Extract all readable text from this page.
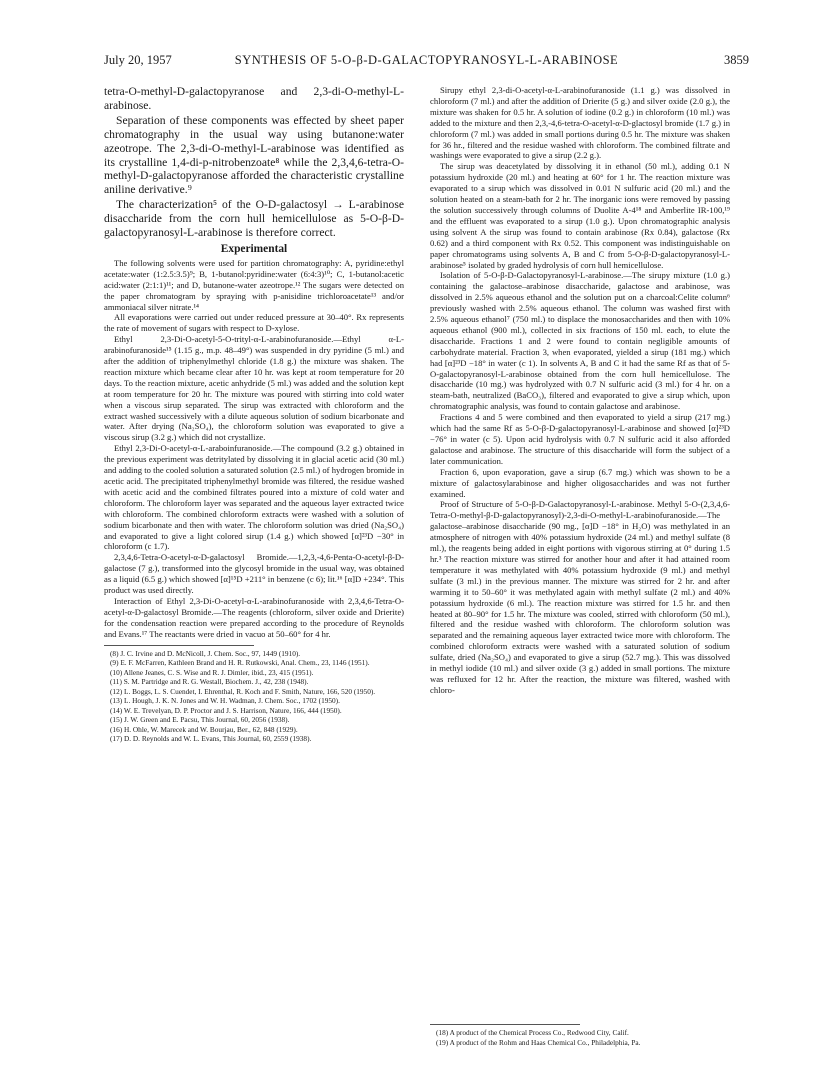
July 20, 1957	SYNTHESIS OF 5-O-β-D-GALACTOPYRANOSYL-L-ARABINOSE	3859

tetra-O-methyl-D-galactopyranose and 2,3-di-O-methyl-L-arabinose.

Separation of these components was effected by sheet paper chromatography in the usual way using butanone:water azeotrope. The 2,3-di-O-methyl-L-arabinose was identified as its crystalline 1,4-di-p-nitrobenzoate⁸ while the 2,3,4,6-tetra-O-methyl-D-galactopyranose afforded the characteristic crystalline aniline derivative.⁹

The characterization⁵ of the O-D-galactosyl → L-arabinose disaccharide from the corn hull hemicellulose as 5-O-β-D-galactopyranosyl-L-arabinose is therefore correct.

Experimental

The following solvents were used for partition chromatography: A, pyridine:ethyl acetate:water (1:2.5:3.5)⁹; B, 1-butanol:pyridine:water (6:4:3)¹⁰; C, 1-butanol:acetic acid:water (2:1:1)¹¹; and D, butanone-water azeotrope.¹² The sugars were detected on the paper chromatogram by spraying with p-anisidine trichloroacetate¹³ and/or ammoniacal silver nitrate.¹⁴

All evaporations were carried out under reduced pressure at 30–40°. Rx represents the rate of movement of sugars with respect to D-xylose.

Ethyl 2,3-Di-O-acetyl-5-O-trityl-α-L-arabinofuranoside.—Ethyl α-L-arabinofuranoside¹⁵ (1.15 g., m.p. 48–49°) was suspended in dry pyridine (5 ml.) and after the addition of triphenylmethyl chloride (1.8 g.) the mixture was shaken. The reaction mixture which became clear after 10 hr. was kept at room temperature for 20 days. To the reaction mixture, acetic anhydride (5 ml.) was added and the solution kept at room temperature for 20 hr. The mixture was poured with stirring into cold water when a viscous sirup separated. The sirup was extracted with chloroform and the extract washed successively with a dilute aqueous solution of sodium bicarbonate and water. After drying (Na₂SO₄), the chloroform solution was evaporated to give a viscous sirup (3.2 g.) which did not crystallize.

Ethyl 2,3-Di-O-acetyl-α-L-araboinfuranoside.—The compound (3.2 g.) obtained in the previous experiment was detritylated by dissolving it in glacial acetic acid (30 ml.) and adding to the cooled solution a saturated solution (2.5 ml.) of hydrogen bromide in acetic acid. The precipitated triphenylmethyl bromide was filtered, the residue washed with acetic acid and the combined filtrates poured into a mixture of cold water and chloroform. The chloroform layer was separated and the aqueous layer extracted twice with chloroform. The combined chloroform extracts were washed with a solution of sodium bicarbonate and then with water. The chloroform solution was dried (Na₂SO₄) and evaporated to give a light colored sirup (1.4 g.) which showed [α]²³D −30° in chloroform (c 1.7).

2,3,4,6-Tetra-O-acetyl-α-D-galactosyl Bromide.—1,2,3,-4,6-Penta-O-acetyl-β-D-galactose (7 g.), transformed into the glycosyl bromide in the usual way, was obtained as a liquid (6.5 g.) which showed [α]¹⁵D +211° in benzene (c 6); lit.¹⁶ [α]D +234°. This product was used directly.

Interaction of Ethyl 2,3-Di-O-acetyl-α-L-arabinofuranoside with 2,3,4,6-Tetra-O-acetyl-α-D-galactosyl Bromide.—The reagents (chloroform, silver oxide and Drierite) for the condensation reaction were prepared according to the procedure of Reynolds and Evans.¹⁷ The reactants were dried in vacuo at 50–60° for 4 hr.

(8) J. C. Irvine and D. McNicoll, J. Chem. Soc., 97, 1449 (1910).

(9) E. F. McFarren, Kathleen Brand and H. R. Rutkowski, Anal. Chem., 23, 1146 (1951).

(10) Allene Jeanes, C. S. Wise and R. J. Dimler, ibid., 23, 415 (1951).

(11) S. M. Partridge and R. G. Westall, Biochem. J., 42, 238 (1948).

(12) L. Boggs, L. S. Cuendet, I. Ehrenthal, R. Koch and F. Smith, Nature, 166, 520 (1950).

(13) L. Hough, J. K. N. Jones and W. H. Wadman, J. Chem. Soc., 1702 (1950).

(14) W. E. Trevelyan, D. P. Proctor and J. S. Harrison, Nature, 166, 444 (1950).

(15) J. W. Green and E. Pacsu, This Journal, 60, 2056 (1938).

(16) H. Ohle, W. Marecek and W. Bourjau, Ber., 62, 848 (1929).

(17) D. D. Reynolds and W. L. Evans, This Journal, 60, 2559 (1938).

Sirupy ethyl 2,3-di-O-acetyl-α-L-arabinofuranoside (1.1 g.) was dissolved in chloroform (7 ml.) and after the addition of Drierite (5 g.) and silver oxide (2.0 g.), the mixture was shaken for 0.5 hr. A solution of iodine (0.2 g.) in chloroform (10 ml.) was added to the mixture and then 2,3,-4,6-tetra-O-acetyl-α-D-glactosyl bromide (1.7 g.) in chloroform (7 ml.) was added in small portions during 0.5 hr. The mixture was shaken for 36 hr., filtered and the residue washed with chloroform. The combined filtrate and washings were evaporated to give a sirup (2.2 g.).

The sirup was deacetylated by dissolving it in ethanol (50 ml.), adding 0.1 N potassium hydroxide (20 ml.) and heating at 60° for 1 hr. The reaction mixture was evaporated to a sirup which was dissolved in 0.01 N sulfuric acid (20 ml.) and the solution heated on a steam-bath for 2 hr. The inorganic ions were removed by passing the solution successively through columns of Duolite A-4¹⁸ and Amberlite IR-100,¹⁹ and the effluent was evaporated to a sirup (1.0 g.). Upon chromatographic analysis using solvent A the sirup was found to contain arabinose (Rx 0.84), galactose (Rx 0.62) and a third component with Rx 0.52. This component was indistinguishable on paper chromatograms using solvents A, B and C from 5-O-β-D-galactopyranosyl-L-arabinose⁵ isolated by graded hydrolysis of corn hull hemicellulose.

Isolation of 5-O-β-D-Galactopyranosyl-L-arabinose.—The sirupy mixture (1.0 g.) containing the galactose–arabinose disaccharide, galactose and arabinose, was dissolved in 2.5% aqueous ethanol and the solution put on a charcoal:Celite column⁶ previously washed with 2.5% aqueous ethanol. The column was washed first with 2.5% aqueous ethanol⁷ (750 ml.) to displace the monosaccharides and then with 10% aqueous ethanol (900 ml.), collected in six fractions of 150 ml. each, to elute the disaccharide. Fractions 1 and 2 were found to contain negligible amounts of carbohydrate material. Fraction 3, when evaporated, yielded a sirup (181 mg.) which had [α]²³D −18° in water (c 1). In solvents A, B and C it had the same Rf as that of 5-O-galactopyranosyl-L-arabinose obtained from the corn hull hemicellulose. The disaccharide (10 mg.) was hydrolyzed with 0.7 N sulfuric acid (3 ml.) for 4 hr. on a steam-bath, neutralized (BaCO₃), filtered and evaporated to give a sirup which, upon chromatographic analysis, was found to contain galactose and arabinose.

Fractions 4 and 5 were combined and then evaporated to yield a sirup (217 mg.) which had the same Rf as 5-O-β-D-galactopyranosyl-L-arabinose and showed [α]²³D −76° in water (c 5). Upon acid hydrolysis with 0.7 N sulfuric acid it also afforded galactose and arabinose. The structure of this disaccharide will form the subject of a later communication.

Fraction 6, upon evaporation, gave a sirup (6.7 mg.) which was shown to be a mixture of galactosylarabinose and higher oligosaccharides and was not further examined.

Proof of Structure of 5-O-β-D-Galactopyranosyl-L-arabinose. Methyl 5-O-(2,3,4,6-Tetra-O-methyl-β-D-galactopyranosyl)-2,3-di-O-methyl-L-arabinofuranoside.—The galactose–arabinose disaccharide (90 mg., [α]D −18° in H₂O) was methylated in an atmosphere of nitrogen with 40% potassium hydroxide (24 ml.) and methyl sulfate (8 ml.), the reagents being added in eight portions with vigorous stirring at 0° during 1.5 hr.³ The reaction mixture was stirred for another hour and after it had attained room temperature it was methylated with 40% potassium hydroxide (9 ml.) and methyl sulfate (3 ml.) in the previous manner. The mixture was stirred for 2 hr. and after warming it to 50–60° it was methylated again with methyl sulfate (2 ml.) and 40% potassium hydroxide (6 ml.). The reaction mixture was stirred for 1.5 hr. and then heated at 80–90° for 1.5 hr. The mixture was cooled, stirred with chloroform (50 ml.), filtered and the residue washed with chloroform. The chloroform solution was separated and the remaining aqueous layer extracted twice more with chloroform. The combined chloroform extracts were washed with a saturated solution of sodium sulfate, dried (Na₂SO₄) and evaporated to give a sirup (52.7 mg.). This was dissolved in methyl iodide (10 ml.) and silver oxide (3 g.) added in small portions. The mixture was refluxed for 12 hr. After the reaction, the mixture was filtered, washed with chloro-

(18) A product of the Chemical Process Co., Redwood City, Calif.

(19) A product of the Rohm and Haas Chemical Co., Philadelphia, Pa.
